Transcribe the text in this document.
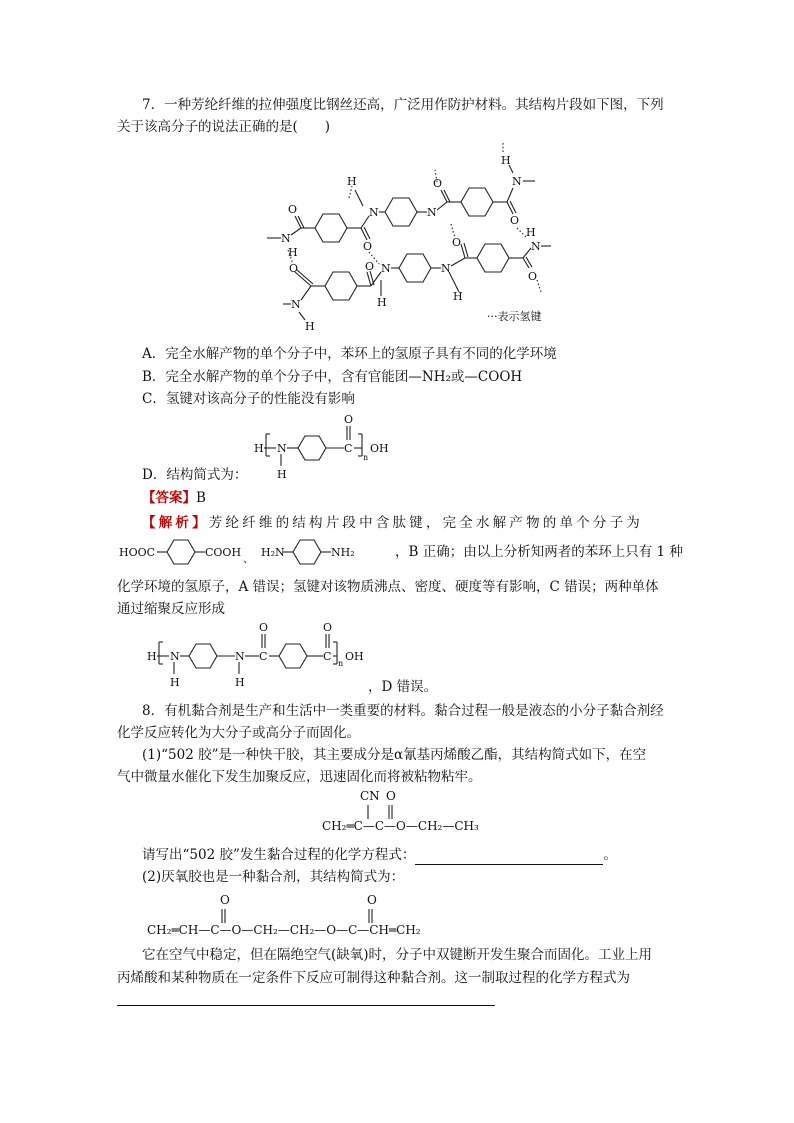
7．一种芳纶纤维的拉伸强度比钢丝还高，广泛用作防护材料。其结构片段如下图，下列
关于该高分子的说法正确的是(　　)
N
O
O
N	N
O
O
N
H
H
H
H
O
N
H
O N
H
N
H
O
O
N
···表示氢键
A．完全水解产物的单个分子中，苯环上的氢原子具有不同的化学环境
B．完全水解产物的单个分子中，含有官能团—NH₂或—COOH
C．氢键对该高分子的性能没有影响
H N
H
C
O
n
OH
D．结构简式为：
【答案】B
【解析】芳纶纤维的结构片段中含肽键，完全水解产物的单个分子为
HOOC	COOH 、 H₂N	NH₂	，B 正确；由以上分析知两者的苯环上只有 1 种
化学环境的氢原子，A 错误；氢键对该物质沸点、密度、硬度等有影响，C 错误；两种单体
通过缩聚反应形成
H N
H
N
H
C
O
C
O
n
OH
，D 错误。
8．有机黏合剂是生产和生活中一类重要的材料。黏合过程一般是液态的小分子黏合剂经
化学反应转化为大分子或高分子而固化。
(1)“502 胶”是一种快干胶，其主要成分是α氰基丙烯酸乙酯，其结构简式如下，在空
气中微量水催化下发生加聚反应，迅速固化而将被粘物粘牢。
CN O
CH₂═C—C—O—CH₂—CH₃
请写出“502 胶”发生黏合过程的化学方程式：	。
(2)厌氧胶也是一种黏合剂，其结构简式为：
O	O
CH₂═CH—C—O—CH₂—CH₂—O—C—CH═CH₂
它在空气中稳定，但在隔绝空气(缺氧)时，分子中双键断开发生聚合而固化。工业上用
丙烯酸和某种物质在一定条件下反应可制得这种黏合剂。这一制取过程的化学方程式为
